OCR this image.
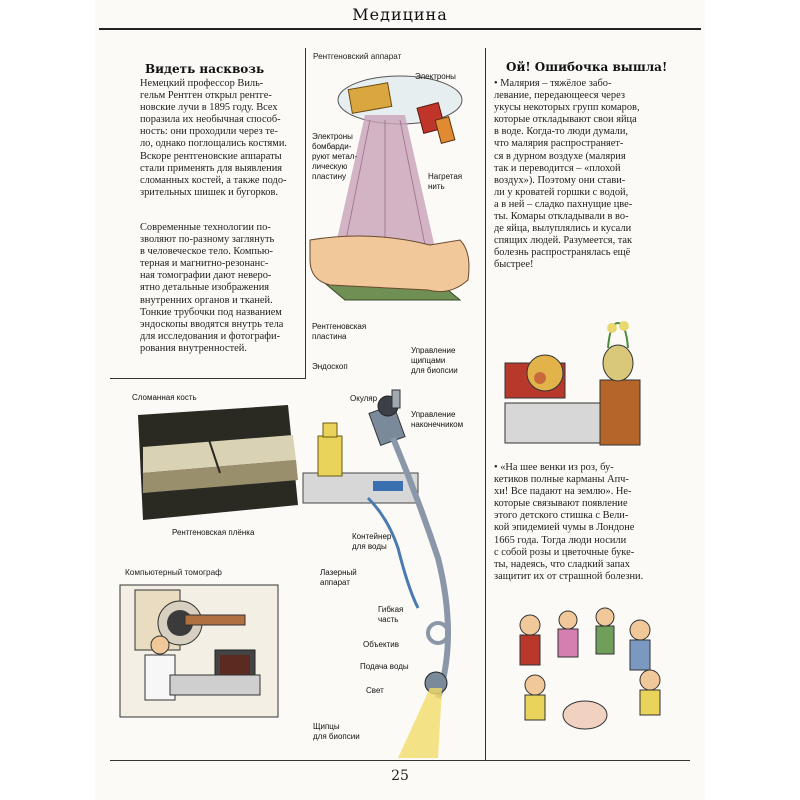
Медицина
Видеть насквозь
Немецкий профессор Виль-
гельм Рентген открыл рентге-
новские лучи в 1895 году. Всех
поразила их необычная способ-
ность: они проходили через те-
ло, однако поглощались костями.
Вскоре рентгеновские аппараты
стали применять для выявления
сломанных костей, а также подо-
зрительных шишек и бугорков.
Современные технологии по-
зволяют по-разному заглянуть
в человеческое тело. Компью-
терная и магнитно-резонанс-
ная томографии дают неверо-
ятно детальные изображения
внутренних органов и тканей.
Тонкие трубочки под названием
эндоскопы вводятся внутрь тела
для исследования и фотографи-
рования внутренностей.
Рентгеновский аппарат
Электроны
Электроны
бомбарди-
руют метал-
лическую
пластину	Нагретая
нить
Рентгеновская
пластина
Сломанная кость
Рентгеновская плёнка
Компьютерный томограф
Эндоскоп
Управление
щипцами
для биопсии
Окуляр
Управление
наконечником
Контейнер
для воды
Лазерный
аппарат
Гибкая
часть
Объектив
Подача воды
Свет
Щипцы
для биопсии
Ой! Ошибочка вышла!
• Малярия – тяжёлое забо-
левание, передающееся через
укусы некоторых групп комаров,
которые откладывают свои яйца
в воде. Когда-то люди думали,
что малярия распространяет-
ся в дурном воздухе (малярия
так и переводится – «плохой
воздух»). Поэтому они стави-
ли у кроватей горшки с водой,
а в ней – сладко пахнущие цве-
ты. Комары откладывали в во-
де яйца, вылуплялись и кусали
спящих людей. Разумеется, так
болезнь распространялась ещё
быстрее!
• «На шее венки из роз, бу-
кетиков полные карманы Апч-
хи! Все падают на землю». Не-
которые связывают появление
этого детского стишка с Вели-
кой эпидемией чумы в Лондоне
1665 года. Тогда люди носили
с собой розы и цветочные буке-
ты, надеясь, что сладкий запах
защитит их от страшной болезни.
25
